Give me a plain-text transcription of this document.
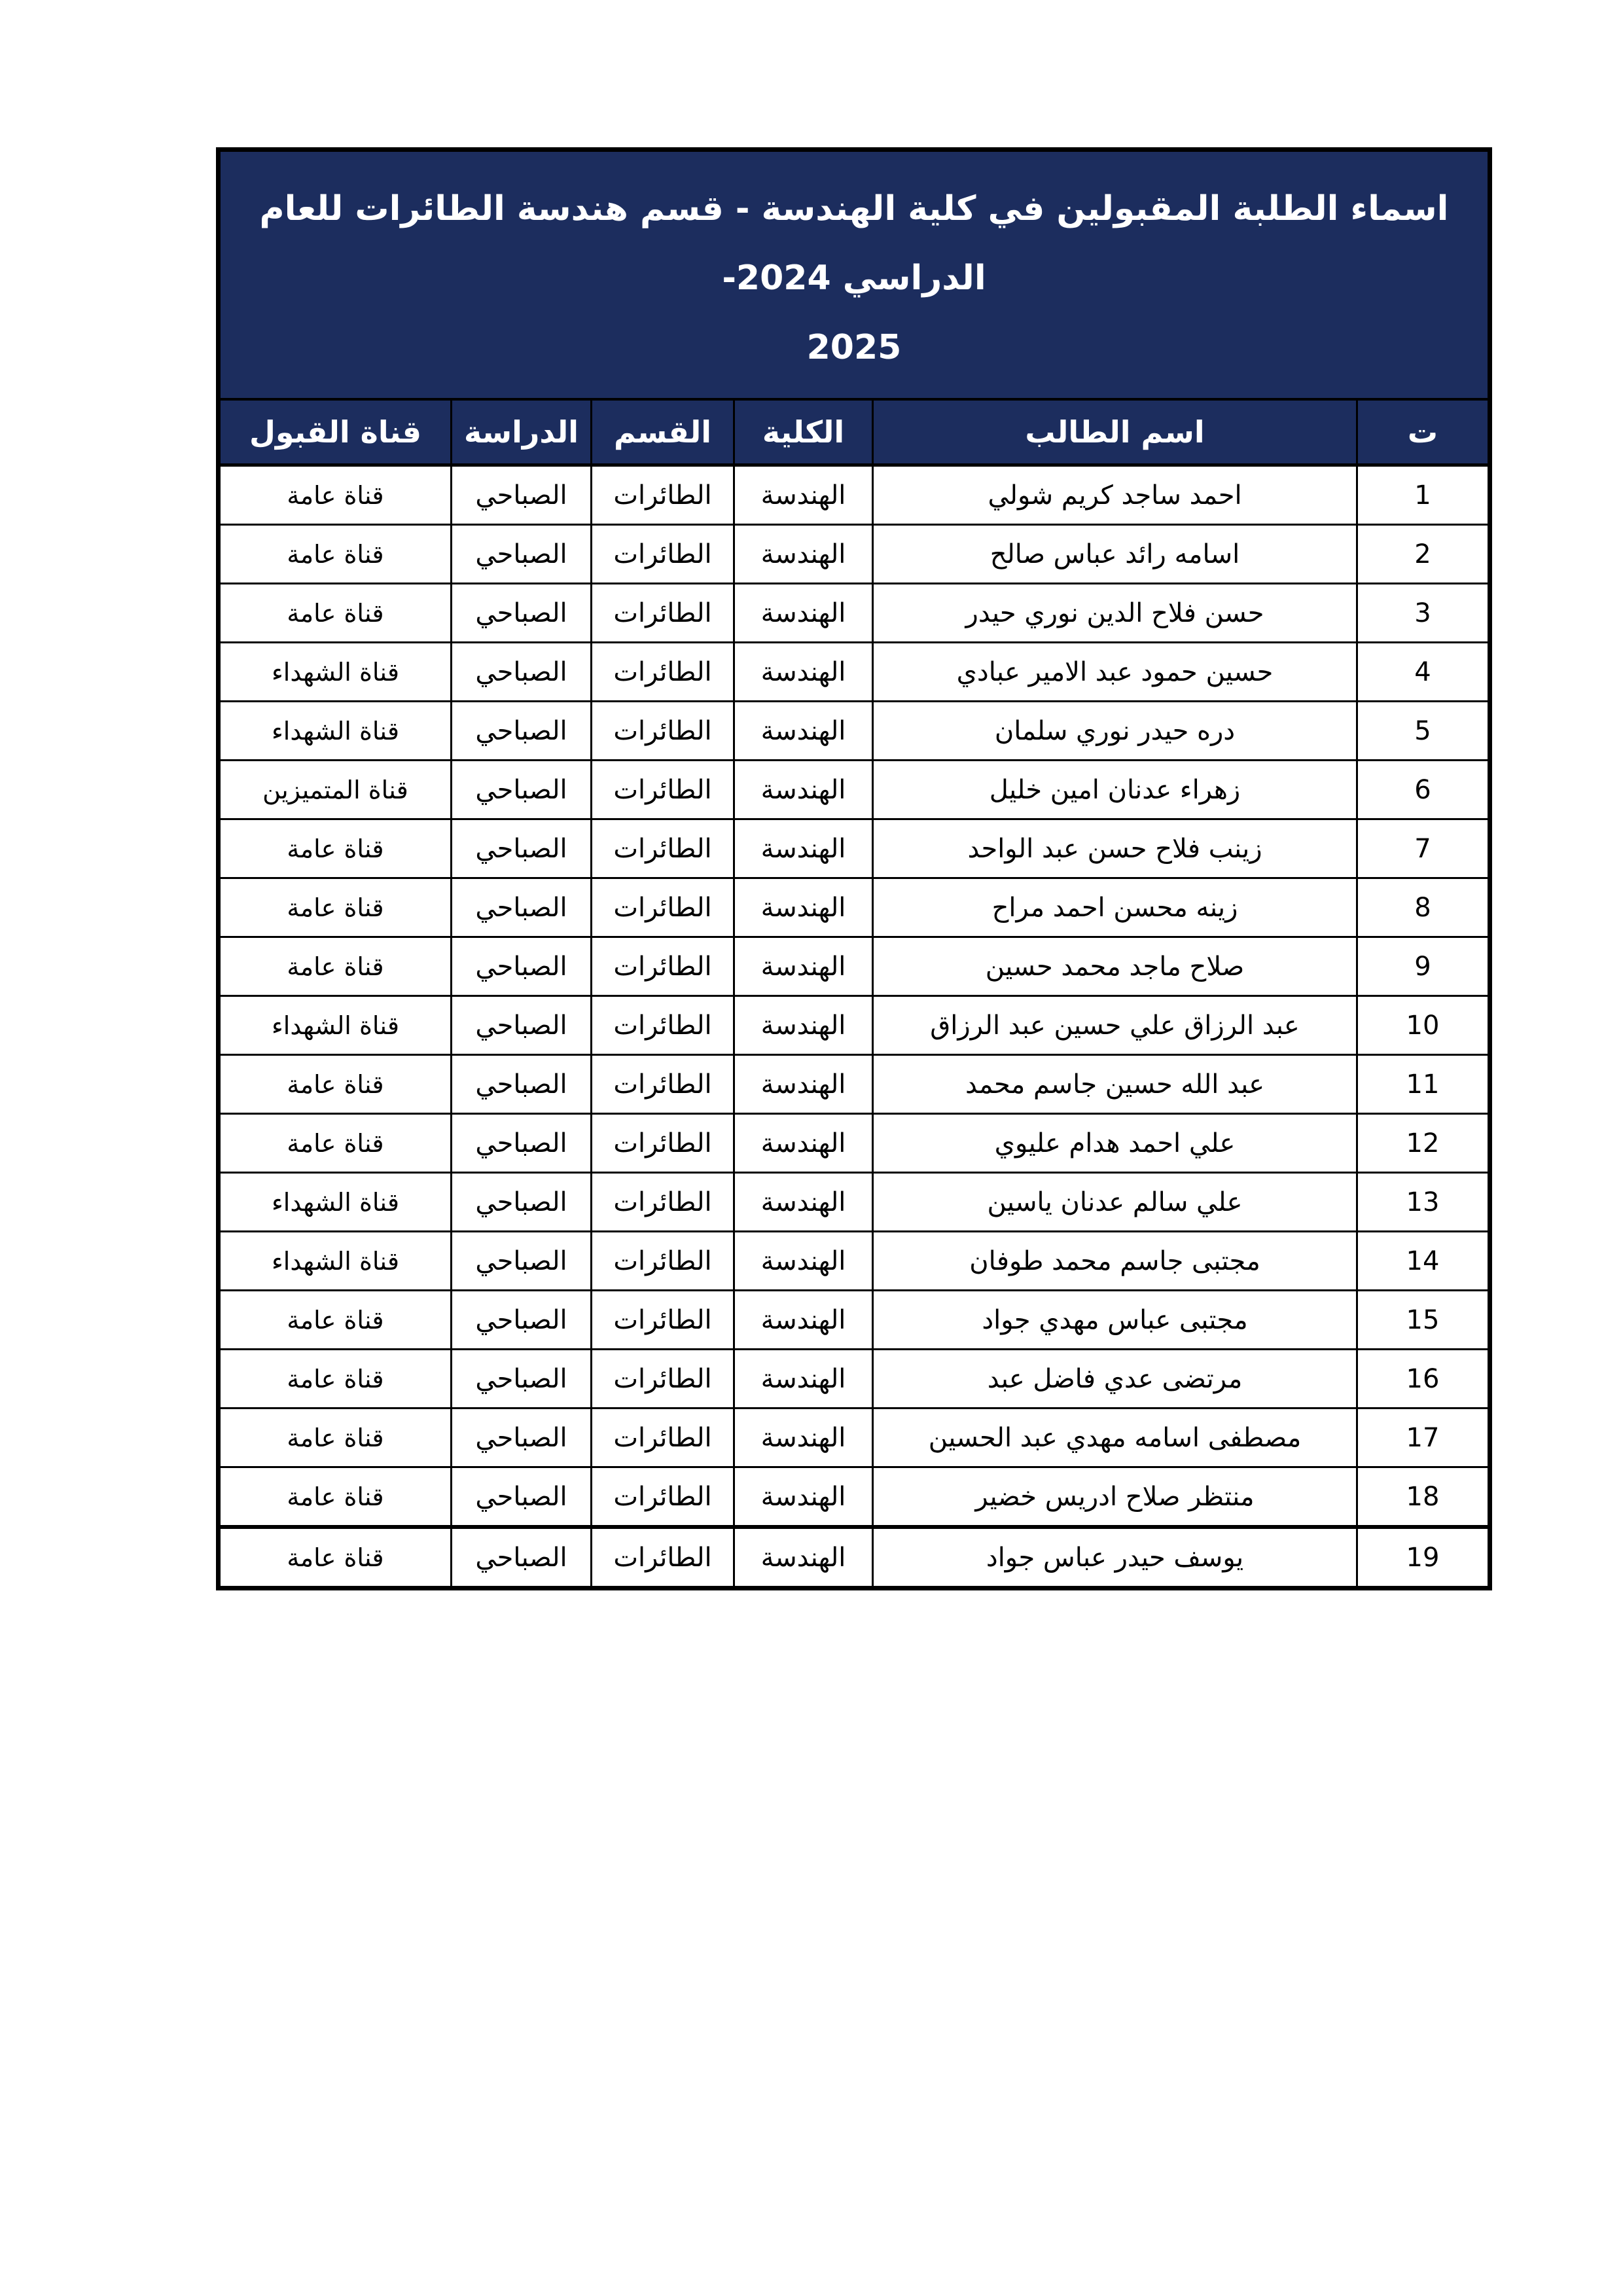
اسماء الطلبة المقبولين في كلية الهندسة - قسم هندسة الطائرات للعام الدراسي 2024-
2025
ت
اسم الطالب
الكلية
القسم
الدراسة
قناة القبول
1
احمد ساجد كريم شولي
الهندسة
الطائرات
الصباحي
قناة عامة
2
اسامه رائد عباس صالح
الهندسة
الطائرات
الصباحي
قناة عامة
3
حسن فلاح الدين نوري حيدر
الهندسة
الطائرات
الصباحي
قناة عامة
4
حسين حمود عبد الامير عبادي
الهندسة
الطائرات
الصباحي
قناة الشهداء
5
دره حيدر نوري سلمان
الهندسة
الطائرات
الصباحي
قناة الشهداء
6
زهراء عدنان امين خليل
الهندسة
الطائرات
الصباحي
قناة المتميزين
7
زينب فلاح حسن عبد الواحد
الهندسة
الطائرات
الصباحي
قناة عامة
8
زينه محسن احمد مراح
الهندسة
الطائرات
الصباحي
قناة عامة
9
صلاح ماجد محمد حسين
الهندسة
الطائرات
الصباحي
قناة عامة
10
عبد الرزاق علي حسين عبد الرزاق
الهندسة
الطائرات
الصباحي
قناة الشهداء
11
عبد الله حسين جاسم محمد
الهندسة
الطائرات
الصباحي
قناة عامة
12
علي احمد هدام عليوي
الهندسة
الطائرات
الصباحي
قناة عامة
13
علي سالم عدنان ياسين
الهندسة
الطائرات
الصباحي
قناة الشهداء
14
مجتبى جاسم محمد طوفان
الهندسة
الطائرات
الصباحي
قناة الشهداء
15
مجتبى عباس مهدي جواد
الهندسة
الطائرات
الصباحي
قناة عامة
16
مرتضى عدي فاضل عبد
الهندسة
الطائرات
الصباحي
قناة عامة
17
مصطفى اسامه مهدي عبد الحسين
الهندسة
الطائرات
الصباحي
قناة عامة
18
منتظر صلاح ادريس خضير
الهندسة
الطائرات
الصباحي
قناة عامة
19
يوسف حيدر عباس جواد
الهندسة
الطائرات
الصباحي
قناة عامة
